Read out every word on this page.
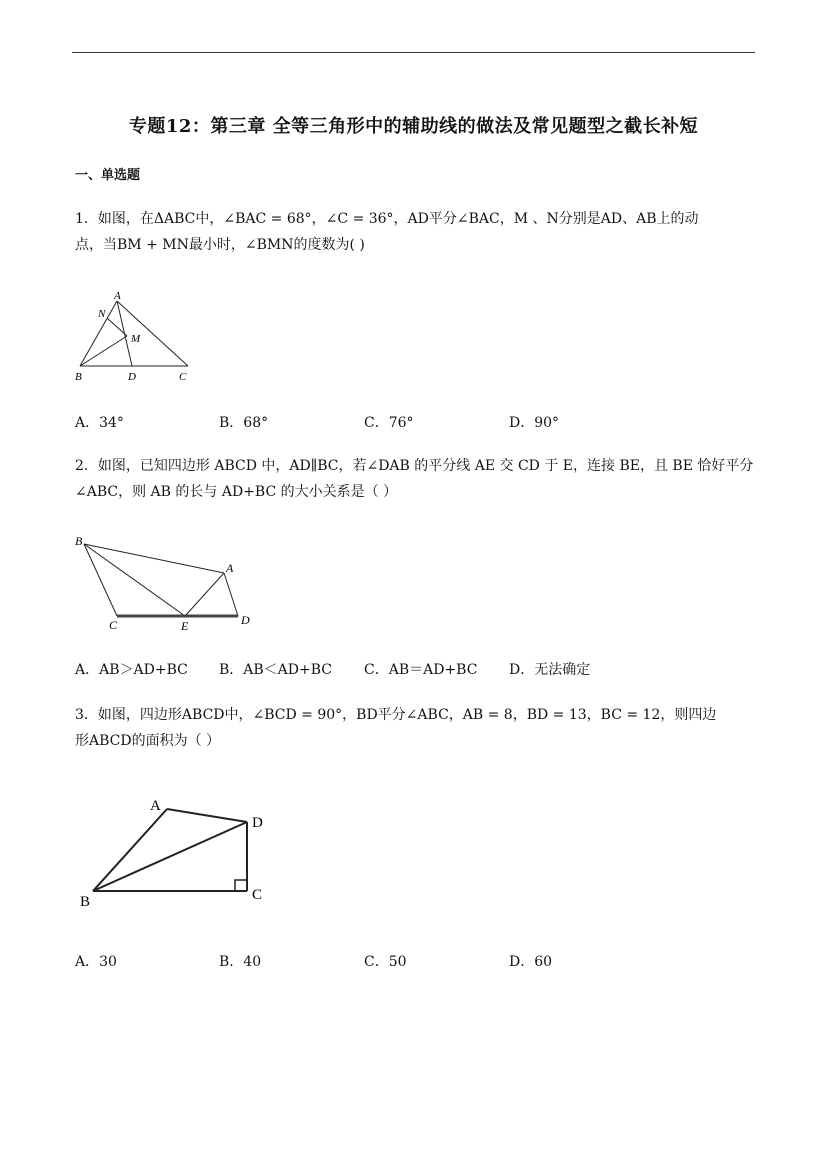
专题12：第三章 全等三角形中的辅助线的做法及常见题型之截长补短
一、单选题
1．如图，在ΔABC中，∠BAC = 68°，∠C = 36°，AD平分∠BAC，M 、N分别是AD、AB上的动
点，当BM + MN最小时，∠BMN的度数为( )
A
N
M
B	D	C
A．34°	B．68°	C．76°	D．90°
2．如图，已知四边形 ABCD 中，AD∥BC，若∠DAB 的平分线 AE 交 CD 于 E，连接 BE，且 BE 恰好平分
∠ABC，则 AB 的长与 AD+BC 的大小关系是（ ）
B
A
C	E	D
A．AB＞AD+BC B．AB＜AD+BC C．AB＝AD+BC D．无法确定
3．如图，四边形ABCD中，∠BCD = 90°，BD平分∠ABC，AB = 8，BD = 13，BC = 12，则四边
形ABCD的面积为（ ）
A
D
B	C
A．30	B．40	C．50	D．60
